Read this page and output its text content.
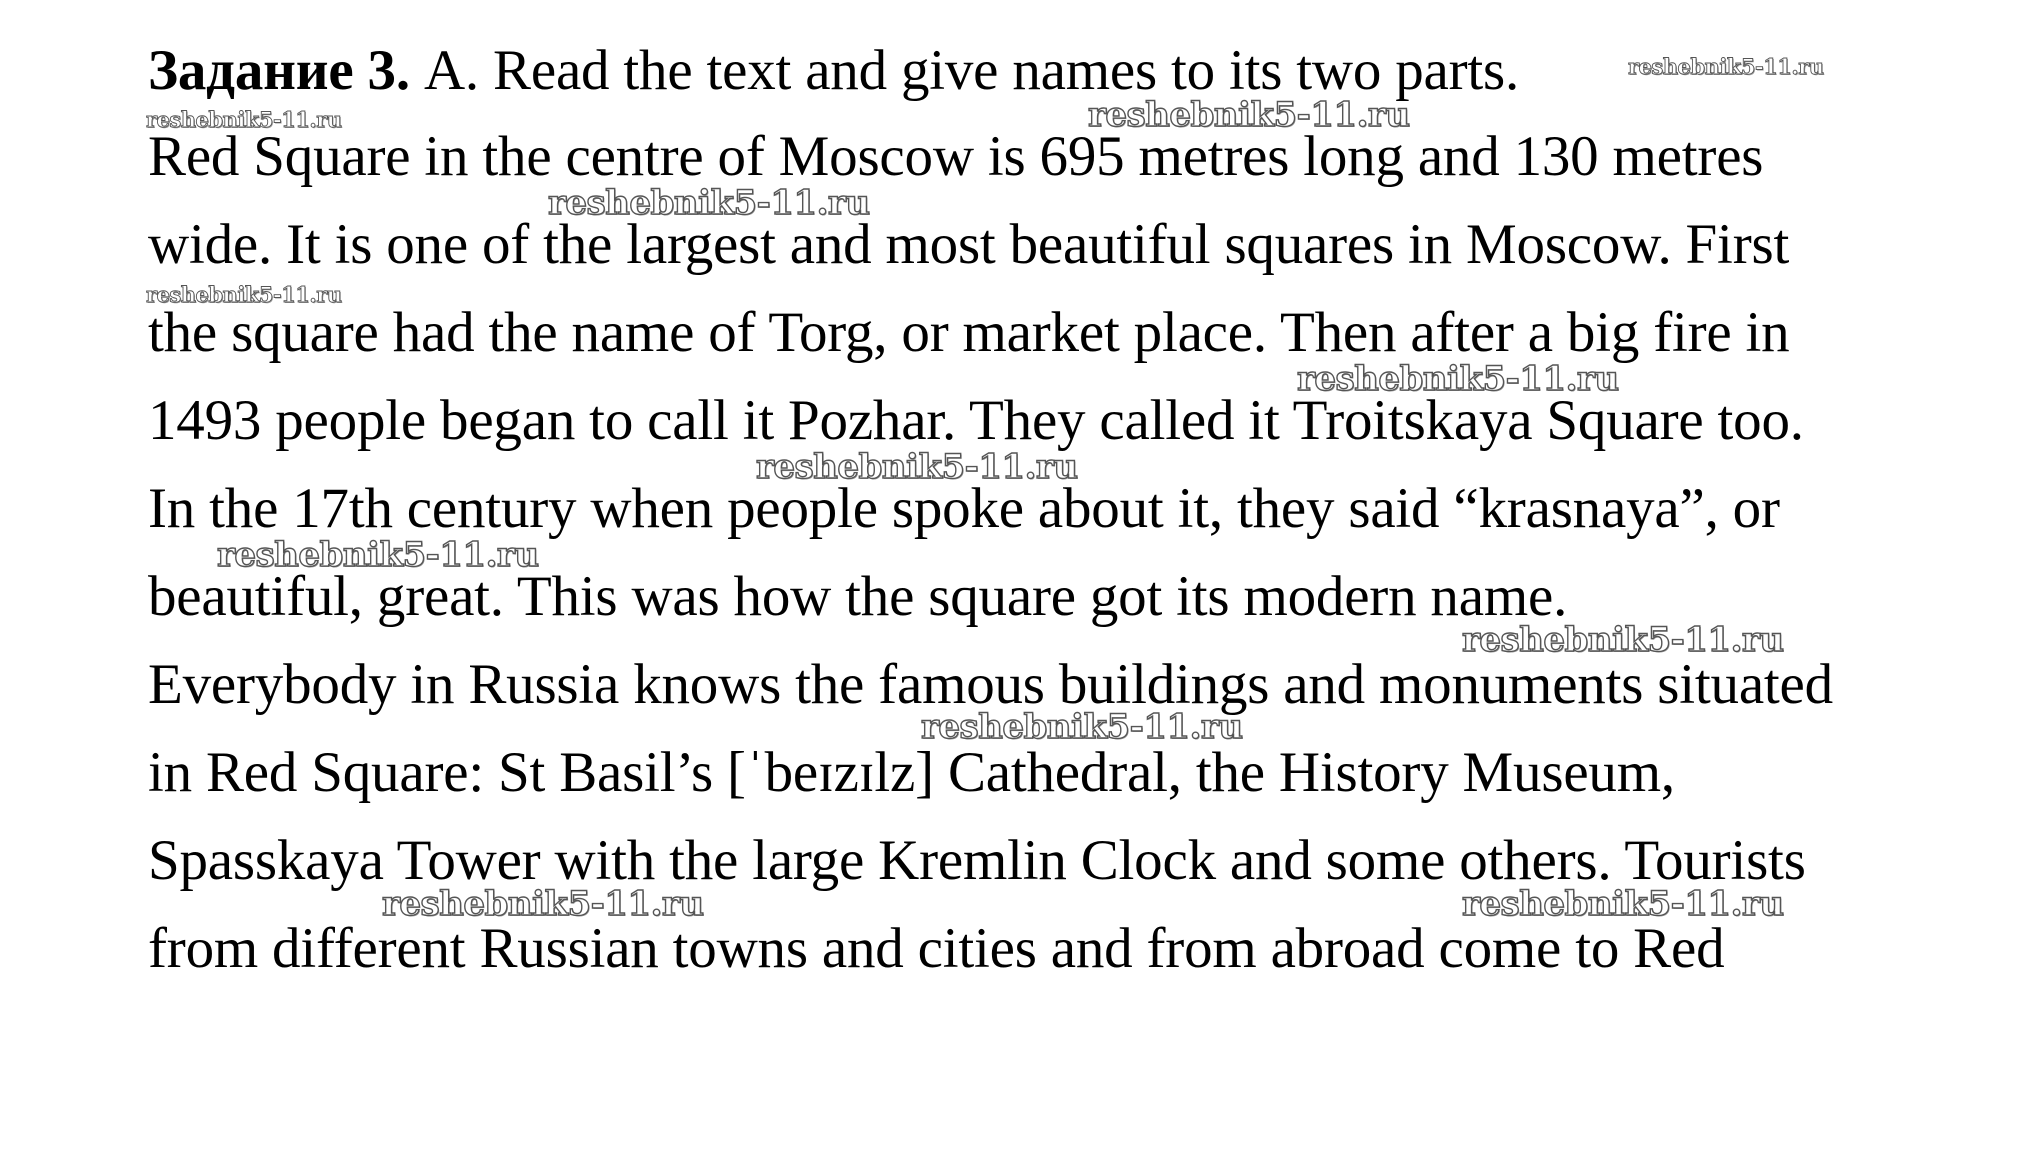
Задание 3. A. Read the text and give names to its two parts.
Red Square in the centre of Moscow is 695 metres long and 130 metres
wide. It is one of the largest and most beautiful squares in Moscow. First
the square had the name of Torg, or market place. Then after a big fire in
1493 people began to call it Pozhar. They called it Troitskaya Square too.
In the 17th century when people spoke about it, they said “krasnaya”, or
beautiful, great. This was how the square got its modern name.
Everybody in Russia knows the famous buildings and monuments situated
in Red Square: St Basil’s [ˈbeɪzɪlz] Cathedral, the History Museum,
Spasskaya Tower with the large Kremlin Clock and some others. Tourists
from different Russian towns and cities and from abroad come to Red
reshebnik5-11.ru
reshebnik5-11.ru	reshebnik5-11.ru
reshebnik5-11.ru
reshebnik5-11.ru
reshebnik5-11.ru
reshebnik5-11.ru
reshebnik5-11.ru
reshebnik5-11.ru
reshebnik5-11.ru
reshebnik5-11.ru	reshebnik5-11.ru
